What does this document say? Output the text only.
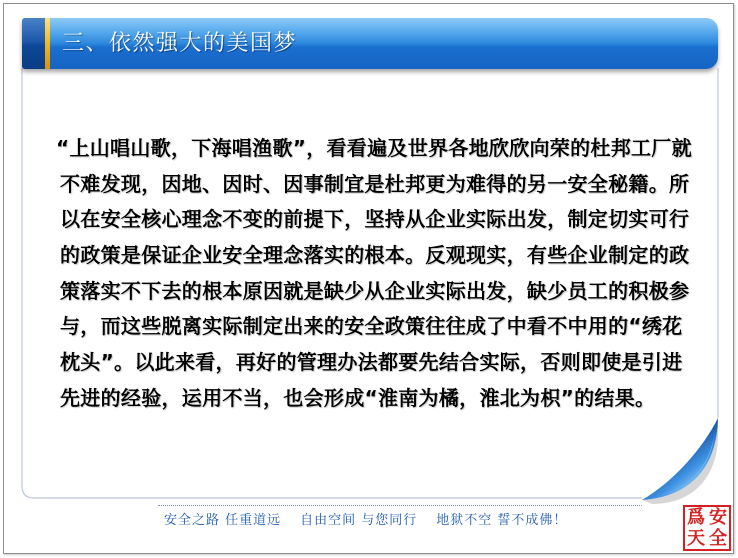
三、依然强大的美国梦
“上山唱山歌，下海唱渔歌”，看看遍及世界各地欣欣向荣的杜邦工厂就
不难发现，因地、因时、因事制宜是杜邦更为难得的另一安全秘籍。所
以在安全核心理念不变的前提下，坚持从企业实际出发，制定切实可行
的政策是保证企业安全理念落实的根本。反观现实，有些企业制定的政
策落实不下去的根本原因就是缺少从企业实际出发，缺少员工的积极参
与，而这些脱离实际制定出来的安全政策往往成了中看不中用的“绣花
枕头”。以此来看，再好的管理办法都要先结合实际，否则即使是引进
先进的经验，运用不当，也会形成“淮南为橘，淮北为枳”的结果。
安全之路 任重道远 自由空间 与您同行 地狱不空 誓不成佛！	爲 安
天 全
